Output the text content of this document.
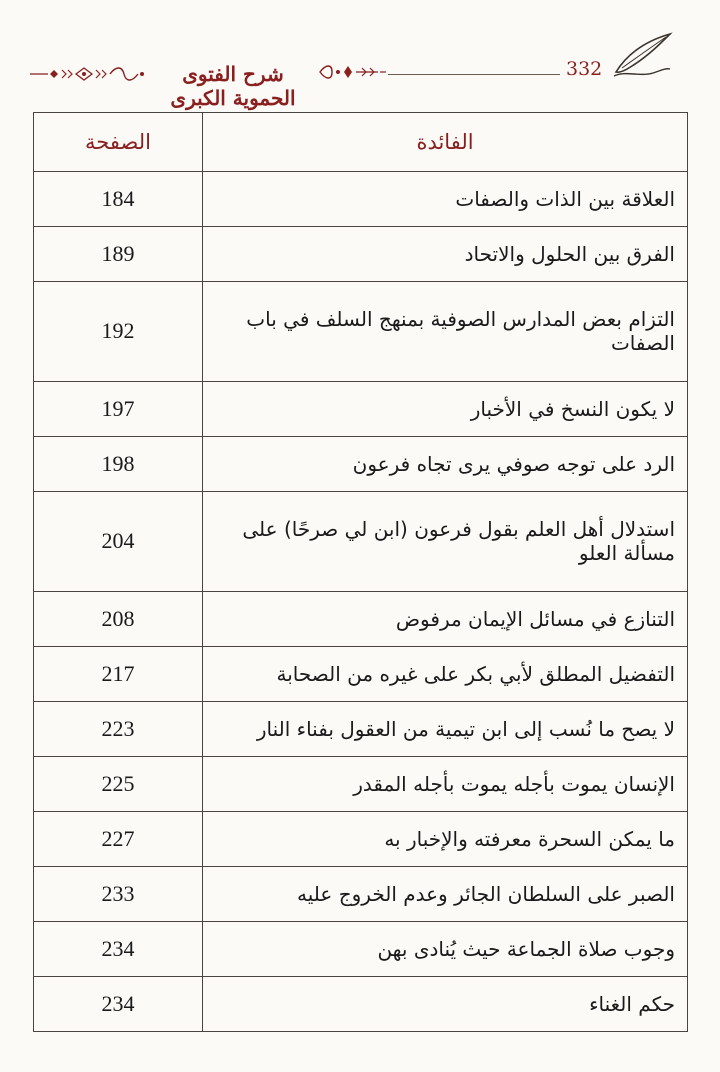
332
شرح الفتوى الحموية الكبرى
الفائدة	الصفحة
العلاقة بين الذات والصفات	184
الفرق بين الحلول والاتحاد	189
التزام بعض المدارس الصوفية بمنهج السلف في باب الصفات	192
لا يكون النسخ في الأخبار	197
الرد على توجه صوفي يرى تجاه فرعون	198
استدلال أهل العلم بقول فرعون (ابن لي صرحًا) على مسألة العلو	204
التنازع في مسائل الإيمان مرفوض	208
التفضيل المطلق لأبي بكر على غيره من الصحابة	217
لا يصح ما نُسب إلى ابن تيمية من العقول بفناء النار	223
الإنسان يموت بأجله يموت بأجله المقدر	225
ما يمكن السحرة معرفته والإخبار به	227
الصبر على السلطان الجائر وعدم الخروج عليه	233
وجوب صلاة الجماعة حيث يُنادى بهن	234
حكم الغناء	234
